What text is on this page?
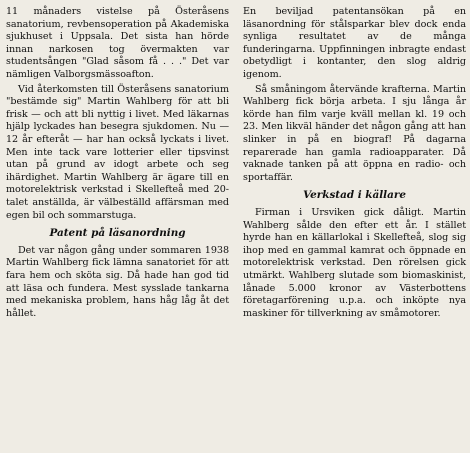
11 månaders vistelse på Österåsens sanatorium, revbensoperation på Akademiska sjukhuset i Uppsala. Det sista han hörde innan narkosen tog övermakten var studentsången "Glad såsom få . . ." Det var nämligen Valborgsmässoafton.

Vid återkomsten till Österåsens sanatorium "bestämde sig" Martin Wahlberg för att bli frisk — och att bli nyttig i livet. Med läkarnas hjälp lyckades han besegra sjukdomen. Nu — 12 år efteråt — har han också lyckats i livet. Men inte tack vare lotterier eller tipsvinst utan på grund av idogt arbete och seg ihärdighet. Martin Wahlberg är ägare till en motorelektrisk verkstad i Skellefteå med 20-talet anställda, är välbeställd affärsman med egen bil och sommarstuga.

Patent på läsanordning

Det var någon gång under sommaren 1938 Martin Wahlberg fick lämna sanatoriet för att fara hem och sköta sig. Då hade han god tid att läsa och fundera. Mest sysslade tankarna med mekaniska problem, hans håg låg åt det hållet.

En beviljad patentansökan på en läsanordning för stålsparkar blev dock enda synliga resultatet av de många funderingarna. Uppfinningen inbragte endast obetydligt i kontanter, den slog aldrig igenom.

Så småningom återvände krafterna. Martin Wahlberg fick börja arbeta. I sju långa år körde han film varje kväll mellan kl. 19 och 23. Men likväl händer det någon gång att han slinker in på en biograf! På dagarna reparerade han gamla radioapparater. Då vaknade tanken på att öppna en radio- och sportaffär.

Verkstad i källare

Firman i Ursviken gick dåligt. Martin Wahlberg sålde den efter ett år. I stället hyrde han en källarlokal i Skellefteå, slog sig ihop med en gammal kamrat och öppnade en motorelektrisk verkstad. Den rörelsen gick utmärkt. Wahlberg slutade som biomaskinist, lånade 5.000 kronor av Västerbottens företagarförening u.p.a. och inköpte nya maskiner för tillverkning av småmotorer.
